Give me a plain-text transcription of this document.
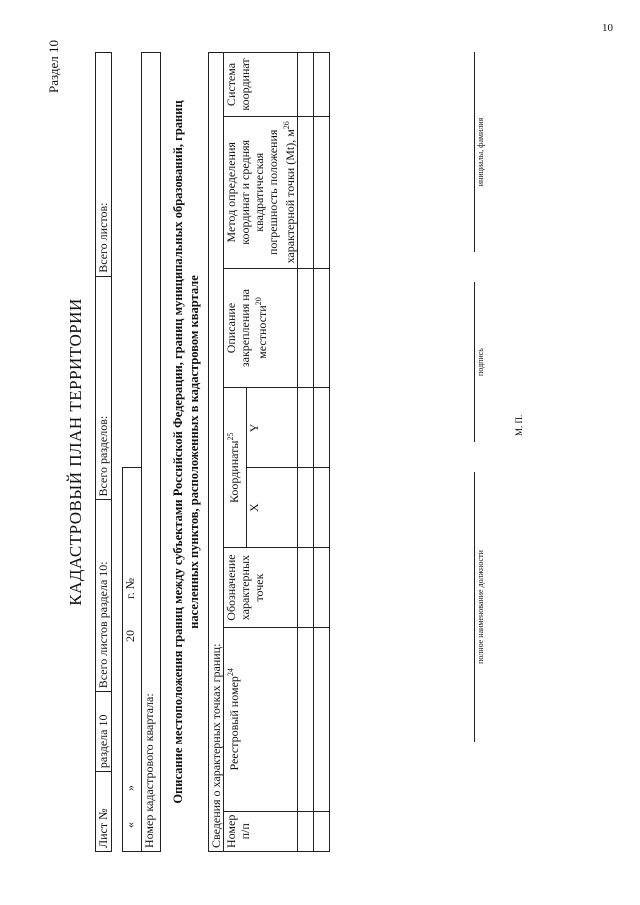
10
Раздел 10
КАДАСТРОВЫЙ ПЛАН ТЕРРИТОРИИ
Лист №	раздела 10	Всего листов раздела 10:	Всего разделов:	Всего листов:
« » 20 г. №	
Номер кадастрового квартала: Описание местоположения границ между субъектами Российской Федерации, границ муниципальных образований, границ населенных пунктов, расположенных в кадастровом квартале
Сведения о характерных точках границ:							
Номер п/п	Реестровый номер$^{24}$	Обозначение характерных точек	Координаты$^{25}$		Описание закрепления на местности$^{20}$	Метод определения координат и средняя квадратическая погрешность положения характерной точки (Mt), $м^{26}$	Система координат
			X	Y			

полное наименование должности
подпись
инициалы, фамилия
М. П.
